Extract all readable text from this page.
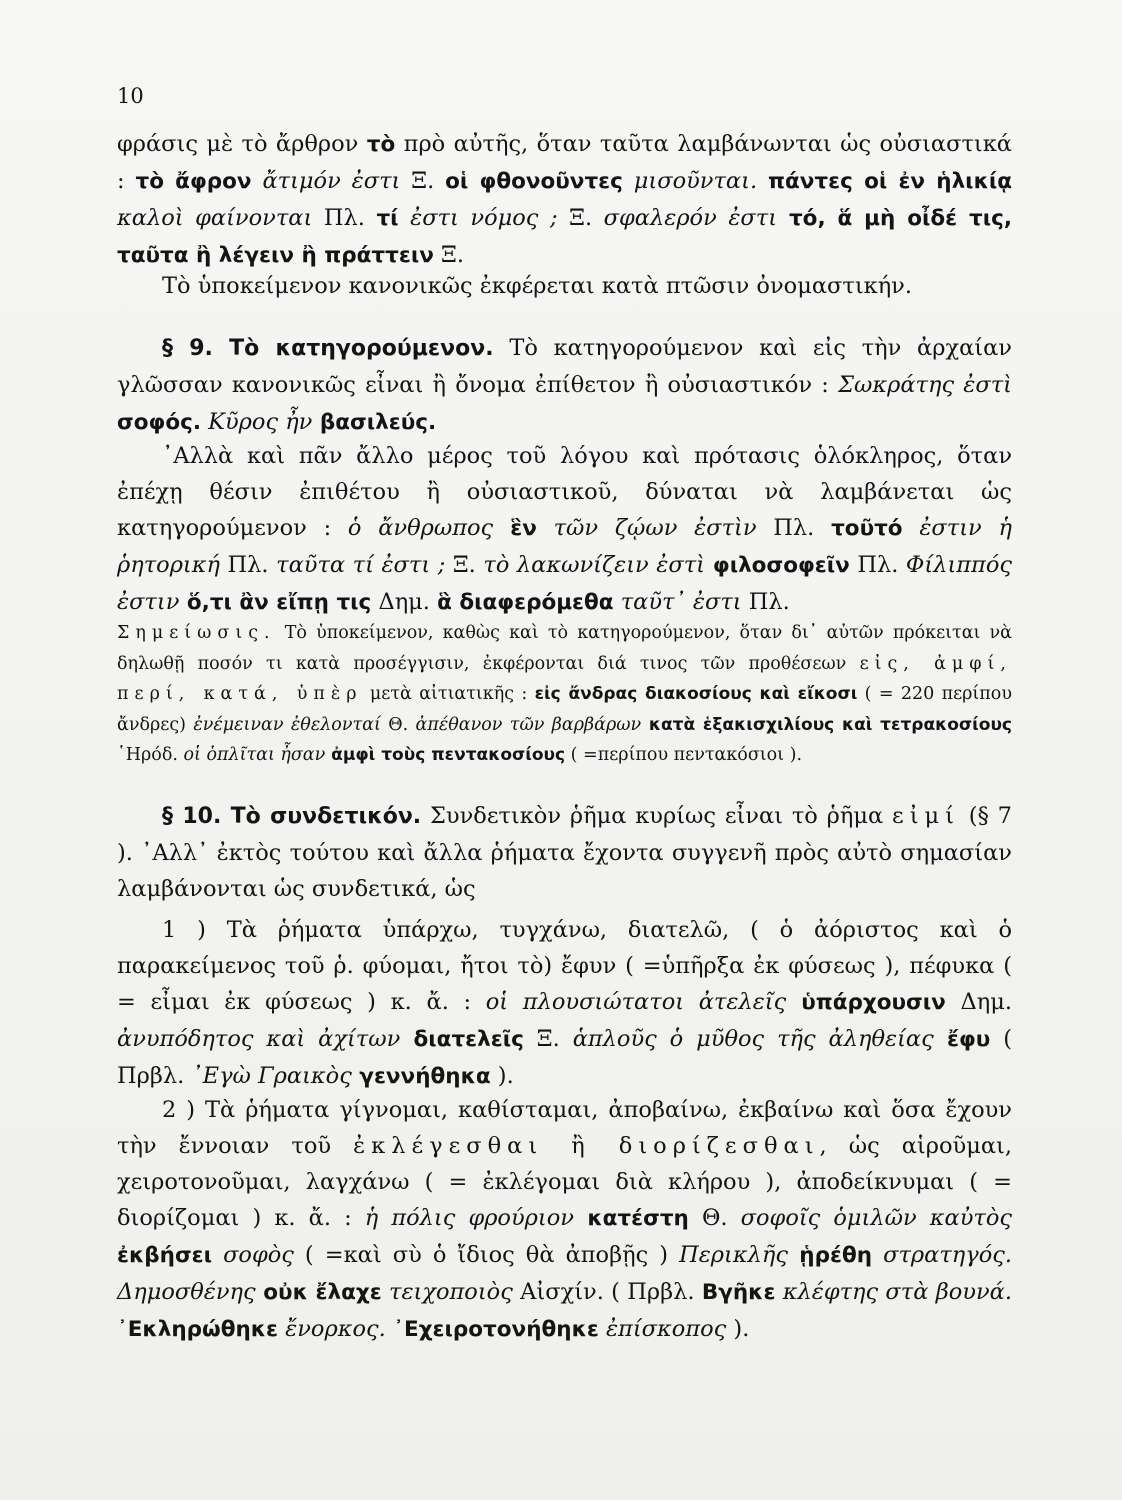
10

φράσις μὲ τὸ ἄρθρον τὸ πρὸ αὐτῆς, ὅταν ταῦτα λαμβάνωνται ὡς οὐσιαστικά : τὸ ἄφρον ἄτιμόν ἐστι Ξ. οἱ φθονοῦντες μισοῦνται. πάντες οἱ ἐν ἡλικίᾳ καλοὶ φαίνονται Πλ. τί ἐστι νόμος ; Ξ. σφαλερόν ἐστι τό, ἅ μὴ οἶδέ τις, ταῦτα ἢ λέγειν ἢ πράττειν Ξ.

Τὸ ὑποκείμενον κανονικῶς ἐκφέρεται κατὰ πτῶσιν ὀνομαστικήν.

§ 9. Τὸ κατηγορούμενον. Τὸ κατηγορούμενον καὶ εἰς τὴν ἀρχαίαν γλῶσσαν κανονικῶς εἶναι ἢ ὄνομα ἐπίθετον ἢ οὐσιαστικόν : Σωκράτης ἐστὶ σοφός. Κῦρος ἦν βασιλεύς.

᾿Αλλὰ καὶ πᾶν ἄλλο μέρος τοῦ λόγου καὶ πρότασις ὁλόκληρος, ὅταν ἐπέχῃ θέσιν ἐπιθέτου ἢ οὐσιαστικοῦ, δύναται νὰ λαμβάνεται ὡς κατηγορούμενον : ὁ ἄνθρωπος ἓν τῶν ζῴων ἐστὶν Πλ. τοῦτό ἐστιν ἡ ῥητορική Πλ. ταῦτα τί ἐστι ; Ξ. τὸ λακωνίζειν ἐστὶ φιλοσοφεῖν Πλ. Φίλιππός ἐστιν ὅ,τι ἂν εἴπῃ τις Δημ. ἃ διαφερόμεθα ταῦτ᾿ ἐστι Πλ.

Σημείωσις. Τὸ ὑποκείμενον, καθὼς καὶ τὸ κατηγορούμενον, ὅταν δι᾿ αὐτῶν πρόκειται νὰ δηλωθῇ ποσόν τι κατὰ προσέγγισιν, ἐκφέρονται διά τινος τῶν προθέσεων εἰς, ἀμφί, περί, κατά, ὑπὲρ μετὰ αἰτιατικῆς : εἰς ἄνδρας διακοσίους καὶ εἴκοσι ( = 220 περίπου ἄνδρες) ἐνέμειναν ἐθελονταί Θ. ἀπέθανον τῶν βαρβάρων κατὰ ἑξακισχιλίους καὶ τετρακοσίους ῾Ηρόδ. οἱ ὁπλῖται ἦσαν ἀμφὶ τοὺς πεντακοσίους ( =περίπου πεντακόσιοι ).

§ 10. Τὸ συνδετικόν. Συνδετικὸν ῥῆμα κυρίως εἶναι τὸ ῥῆμα εἰμί (§ 7 ). ᾿Αλλ᾿ ἐκτὸς τούτου καὶ ἄλλα ῥήματα ἔχοντα συγγενῆ πρὸς αὐτὸ σημασίαν λαμβάνονται ὡς συνδετικά, ὡς

1 ) Τὰ ῥήματα ὑπάρχω, τυγχάνω, διατελῶ, ( ὁ ἀόριστος καὶ ὁ παρακείμενος τοῦ ῥ. φύομαι, ἤτοι τὸ) ἔφυν ( =ὑπῆρξα ἐκ φύσεως ), πέφυκα ( = εἶμαι ἐκ φύσεως ) κ. ἄ. : οἱ πλουσιώτατοι ἀτελεῖς ὑπάρχουσιν Δημ. ἀνυπόδητος καὶ ἀχίτων διατελεῖς Ξ. ἁπλοῦς ὁ μῦθος τῆς ἀληθείας ἔφυ ( Πρβλ. ᾿Εγὼ Γραικὸς γεννήθηκα ).

2 ) Τὰ ῥήματα γίγνομαι, καθίσταμαι, ἀποβαίνω, ἐκβαίνω καὶ ὅσα ἔχουν τὴν ἔννοιαν τοῦ ἐκλέγεσθαι ἢ διορίζεσθαι, ὡς αἱροῦμαι, χειροτονοῦμαι, λαγχάνω ( = ἐκλέγομαι διὰ κλήρου ), ἀποδείκνυμαι ( = διορίζομαι ) κ. ἄ. : ἡ πόλις φρούριον κατέστη Θ. σοφοῖς ὁμιλῶν καὐτὸς ἐκβήσει σοφὸς ( =καὶ σὺ ὁ ἴδιος θὰ ἀποβῇς ) Περικλῆς ᾑρέθη στρατηγός. Δημοσθένης οὐκ ἔλαχε τειχοποιὸς Αἰσχίν. ( Πρβλ. Βγῆκε κλέφτης στὰ βουνά. ᾿Εκληρώθηκε ἔνορκος. ᾿Εχειροτονήθηκε ἐπίσκοπος ).
